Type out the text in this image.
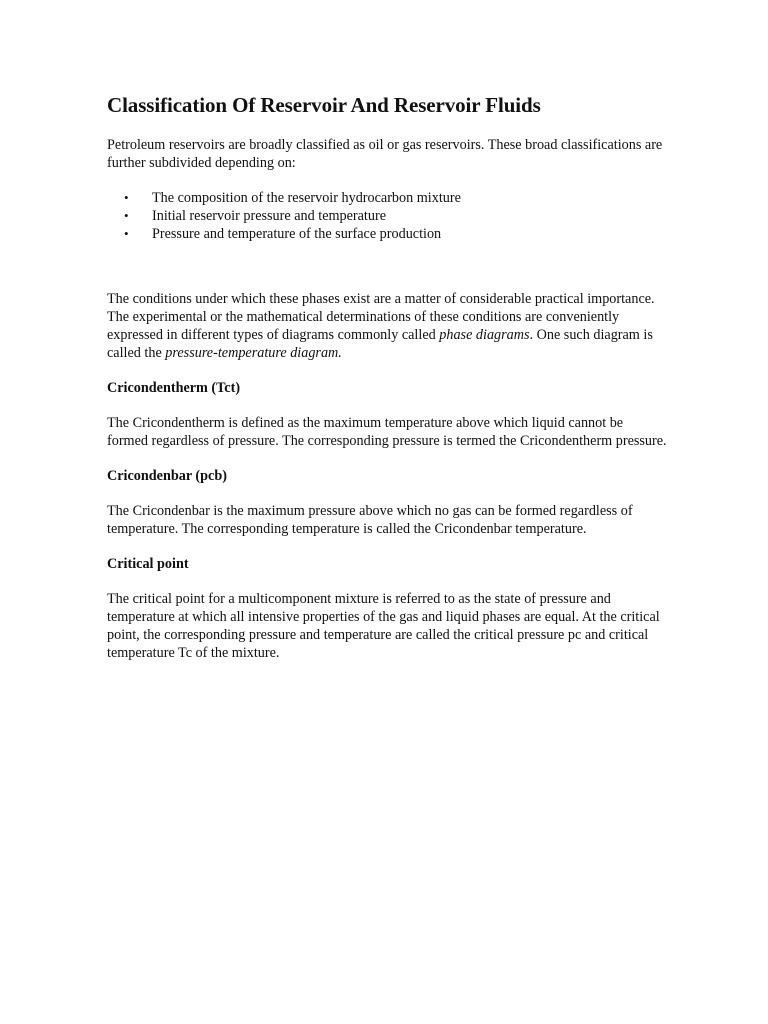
Classification Of Reservoir And Reservoir Fluids

Petroleum reservoirs are broadly classified as oil or gas reservoirs. These broad classifications are further subdivided depending on:

• The composition of the reservoir hydrocarbon mixture
• Initial reservoir pressure and temperature
• Pressure and temperature of the surface production

The conditions under which these phases exist are a matter of considerable practical importance. The experimental or the mathematical determinations of these conditions are conveniently expressed in different types of diagrams commonly called phase diagrams. One such diagram is called the pressure-temperature diagram.

Cricondentherm (Tct)

The Cricondentherm is defined as the maximum temperature above which liquid cannot be formed regardless of pressure. The corresponding pressure is termed the Cricondentherm pressure.

Cricondenbar (pcb)

The Cricondenbar is the maximum pressure above which no gas can be formed regardless of temperature. The corresponding temperature is called the Cricondenbar temperature.

Critical point

The critical point for a multicomponent mixture is referred to as the state of pressure and temperature at which all intensive properties of the gas and liquid phases are equal. At the critical point, the corresponding pressure and temperature are called the critical pressure pc and critical temperature Tc of the mixture.
